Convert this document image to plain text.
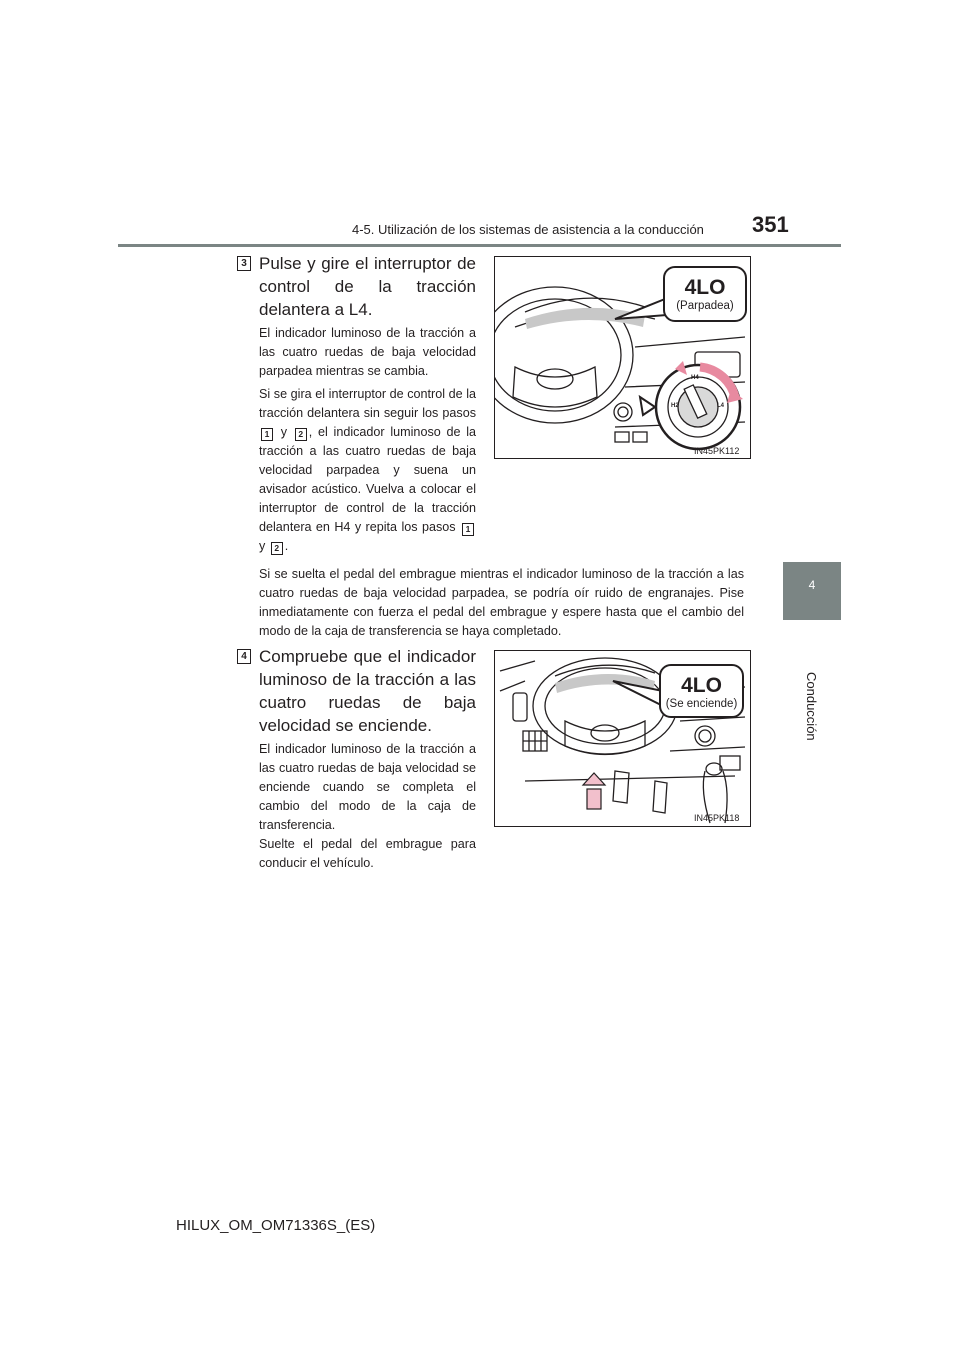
4-5. Utilización de los sistemas de asistencia a la conducción 351
4
Conducción
3 Pulse y gire el interruptor de control de la tracción delantera a L4.

El indicador luminoso de la tracción a las cuatro ruedas de baja velocidad parpadea mientras se cambia.

Si se gira el interruptor de control de la tracción delantera sin seguir los pasos 1 y 2 , el indicador luminoso de la tracción a las cuatro ruedas de baja velocidad parpadea y suena un avisador acústico. Vuelva a colocar el interruptor de control de la tracción delantera en H4 y repita los pasos 1 y 2 .

Si se suelta el pedal del embrague mientras el indicador luminoso de la tracción a las cuatro ruedas de baja velocidad parpadea, se podría oír ruido de engranajes. Pise inmediatamente con fuerza el pedal del embrague y espere hasta que el cambio del modo de la caja de transferencia se haya completado.

H4
H2	L4
4LO
(Parpadea)
IN45PK112
4 Compruebe que el indicador luminoso de la tracción a las cuatro ruedas de baja velocidad se enciende.

El indicador luminoso de la tracción a las cuatro ruedas de baja velocidad se enciende cuando se completa el cambio del modo de la caja de transferencia.

Suelte el pedal del embrague para conducir el vehículo.

4LO
(Se enciende)
IN45PK118
HILUX_OM_OM71336S_(ES)
